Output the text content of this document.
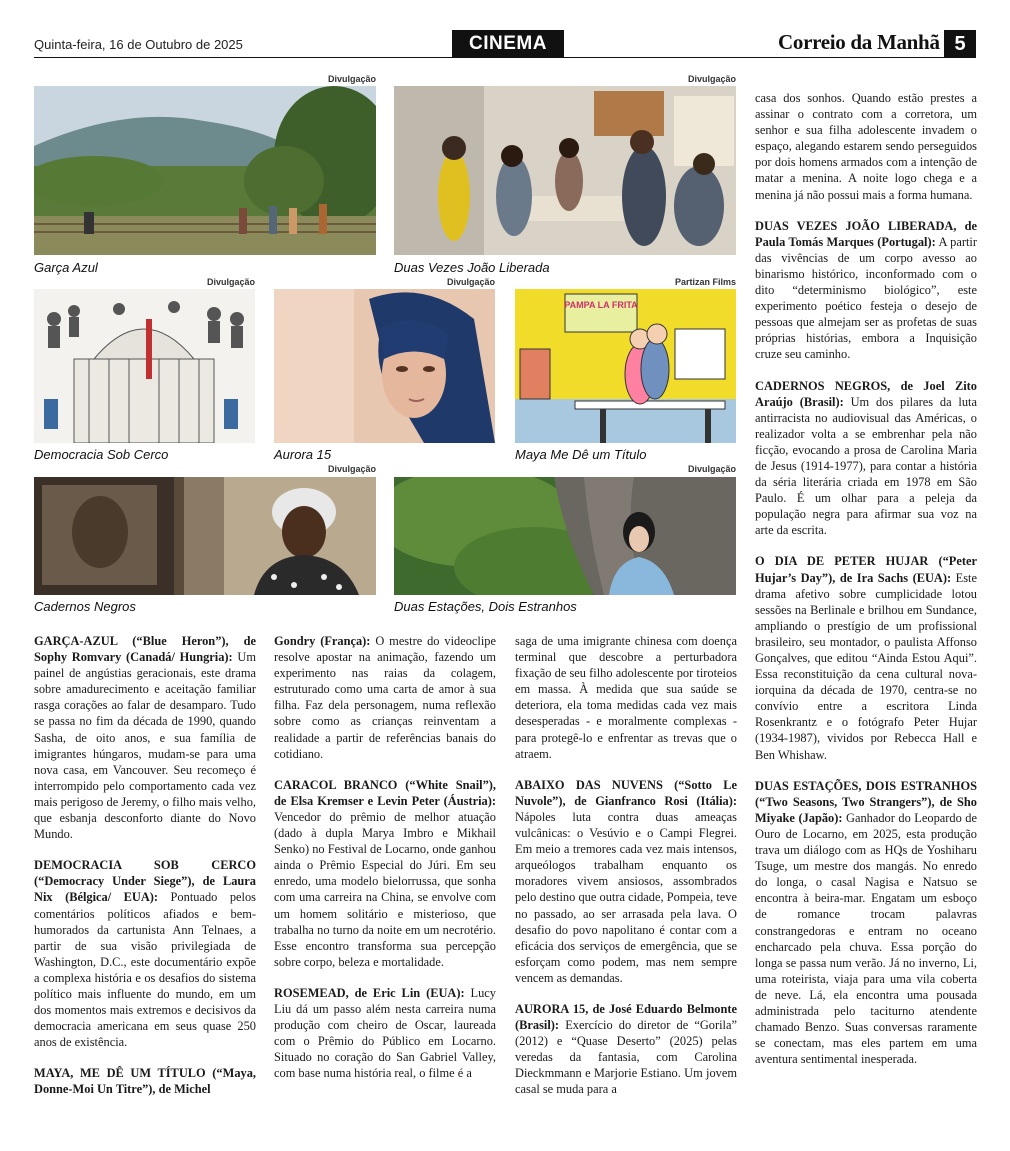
Quinta-feira, 16 de Outubro de 2025	CINEMA	Correio da Manhã 5
Divulgação
Garça Azul
Divulgação
Duas Vezes João Liberada
Divulgação
Democracia Sob Cerco
Divulgação
Aurora 15
Partizan Films
PAMPA LA FRITA
Maya Me Dê um Título
Divulgação
Cadernos Negros
Divulgação
Duas Estações, Dois Estranhos

casa dos sonhos. Quando estão prestes a assinar o contrato com a corretora, um senhor e sua filha adolescente invadem o espaço, alegando estarem sendo perseguidos por dois homens armados com a intenção de matar a menina. A noite logo chega e a menina já não possui mais a forma humana.

DUAS VEZES JOÃO LIBERADA, de Paula Tomás Marques (Portugal): A partir das vivências de um corpo avesso ao binarismo histórico, inconformado com o dito “determinismo biológico”, este experimento poético festeja o desejo de pessoas que almejam ser as profetas de suas próprias histórias, embora a Inquisição cruze seu caminho.

CADERNOS NEGROS, de Joel Zito Araújo (Brasil): Um dos pilares da luta antirracista no audiovisual das Américas, o realizador volta a se embrenhar pela não ficção, evocando a prosa de Carolina Maria de Jesus (1914-1977), para contar a história da séria literária criada em 1978 em São Paulo. É um olhar para a peleja da população negra para afirmar sua voz na arte da escrita.

O DIA DE PETER HUJAR (“Peter Hujar’s Day”), de Ira Sachs (EUA): Este drama afetivo sobre cumplicidade lotou sessões na Berlinale e brilhou em Sundance, ampliando o prestígio de um profissional brasileiro, seu montador, o paulista Affonso Gonçalves, que editou “Ainda Estou Aqui”. Essa reconstituição da cena cultural nova-iorquina da década de 1970, centra-se no convívio entre a escritora Linda Rosenkrantz e o fotógrafo Peter Hujar (1934-1987), vividos por Rebecca Hall e Ben Whishaw.

DUAS ESTAÇÕES, DOIS ESTRANHOS (“Two Seasons, Two Strangers”), de Sho Miyake (Japão): Ganhador do Leopardo de Ouro de Locarno, em 2025, esta produção trava um diálogo com as HQs de Yoshiharu Tsuge, um mestre dos mangás. No enredo do longa, o casal Nagisa e Natsuo se encontra à beira-mar. Engatam um esboço de romance trocam palavras constrangedoras e entram no oceano encharcado pela chuva. Essa porção do longa se passa num verão. Já no inverno, Li, uma roteirista, viaja para uma vila coberta de neve. Lá, ela encontra uma pousada administrada pelo taciturno atendente chamado Benzo. Suas conversas raramente se conectam, mas eles partem em uma aventura sentimental inesperada.

GARÇA-AZUL (“Blue Heron”), de Sophy Romvary (Canadá/ Hungria): Um painel de angústias geracionais, este drama sobre amadurecimento e aceitação familiar rasga corações ao falar de desamparo. Tudo se passa no fim da década de 1990, quando Sasha, de oito anos, e sua família de imigrantes húngaros, mudam-se para uma nova casa, em Vancouver. Seu recomeço é interrompido pelo comportamento cada vez mais perigoso de Jeremy, o filho mais velho, que esbanja desconforto diante do Novo Mundo.

DEMOCRACIA SOB CERCO (“Democracy Under Siege”), de Laura Nix (Bélgica/ EUA): Pontuado pelos comentários políticos afiados e bem-humorados da cartunista Ann Telnaes, a partir de sua visão privilegiada de Washington, D.C., este documentário expõe a complexa história e os desafios do sistema político mais influente do mundo, em um dos momentos mais extremos e decisivos da democracia americana em seus quase 250 anos de existência.

MAYA, ME DÊ UM TÍTULO (“Maya, Donne-Moi Un Titre”), de Michel

Gondry (França): O mestre do videoclipe resolve apostar na animação, fazendo um experimento nas raias da colagem, estruturado como uma carta de amor à sua filha. Faz dela personagem, numa reflexão sobre como as crianças reinventam a realidade a partir de referências banais do cotidiano.

CARACOL BRANCO (“White Snail”), de Elsa Kremser e Levin Peter (Áustria): Vencedor do prêmio de melhor atuação (dado à dupla Marya Imbro e Mikhail Senko) no Festival de Locarno, onde ganhou ainda o Prêmio Especial do Júri. Em seu enredo, uma modelo bielorrussa, que sonha com uma carreira na China, se envolve com um homem solitário e misterioso, que trabalha no turno da noite em um necrotério. Esse encontro transforma sua percepção sobre corpo, beleza e mortalidade.

ROSEMEAD, de Eric Lin (EUA): Lucy Liu dá um passo além nesta carreira numa produção com cheiro de Oscar, laureada com o Prêmio do Público em Locarno. Situado no coração do San Gabriel Valley, com base numa história real, o filme é a

saga de uma imigrante chinesa com doença terminal que descobre a perturbadora fixação de seu filho adolescente por tiroteios em massa. À medida que sua saúde se deteriora, ela toma medidas cada vez mais desesperadas - e moralmente complexas - para protegê-lo e enfrentar as trevas que o atraem.

ABAIXO DAS NUVENS (“Sotto Le Nuvole”), de Gianfranco Rosi (Itália): Nápoles luta contra duas ameaças vulcânicas: o Vesúvio e o Campi Flegrei. Em meio a tremores cada vez mais intensos, arqueólogos trabalham enquanto os moradores vivem ansiosos, assombrados pelo destino que outra cidade, Pompeia, teve no passado, ao ser arrasada pela lava. O desafio do povo napolitano é contar com a eficácia dos serviços de emergência, que se esforçam como podem, mas nem sempre vencem as demandas.

AURORA 15, de José Eduardo Belmonte (Brasil): Exercício do diretor de “Gorila” (2012) e “Quase Deserto” (2025) pelas veredas da fantasia, com Carolina Dieckmmann e Marjorie Estiano. Um jovem casal se muda para a
